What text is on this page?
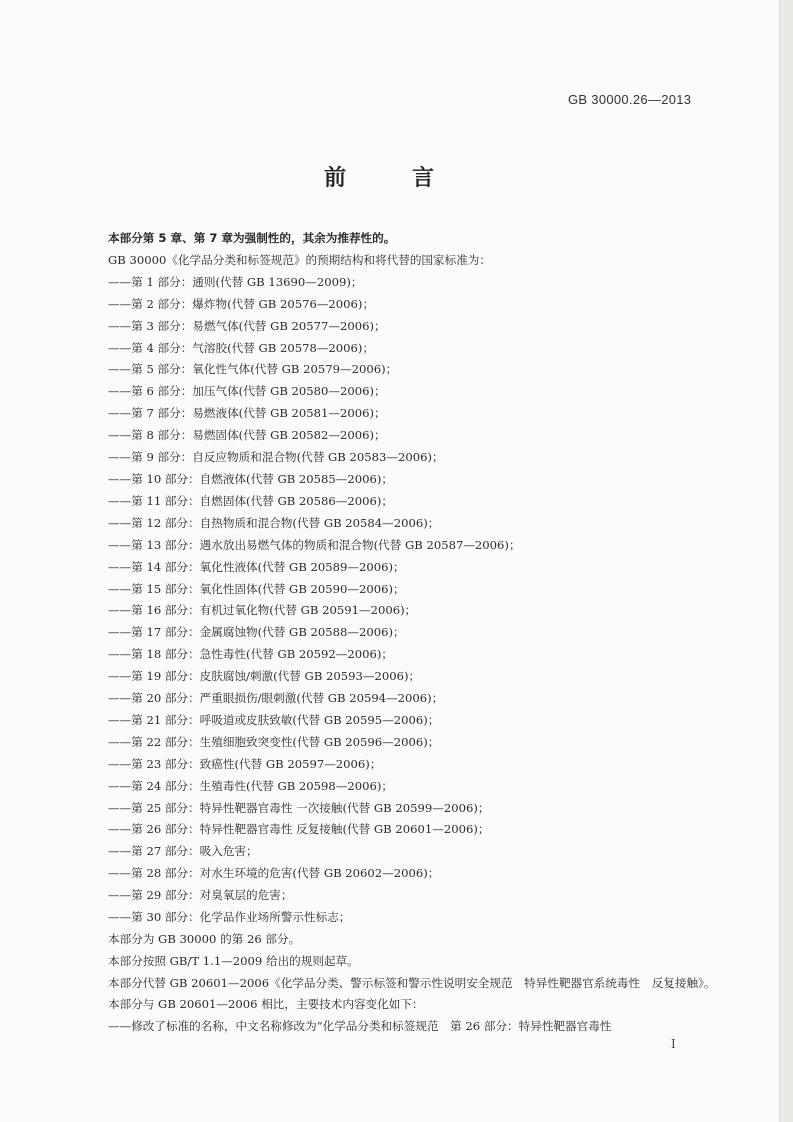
GB 30000.26—2013
前　言
本部分第 5 章、第 7 章为强制性的，其余为推荐性的。
GB 30000《化学品分类和标签规范》的预期结构和将代替的国家标准为：
——第 1 部分：通则(代替 GB 13690—2009)；
——第 2 部分：爆炸物(代替 GB 20576—2006)；
——第 3 部分：易燃气体(代替 GB 20577—2006)；
——第 4 部分：气溶胶(代替 GB 20578—2006)；
——第 5 部分：氧化性气体(代替 GB 20579—2006)；
——第 6 部分：加压气体(代替 GB 20580—2006)；
——第 7 部分：易燃液体(代替 GB 20581—2006)；
——第 8 部分：易燃固体(代替 GB 20582—2006)；
——第 9 部分：自反应物质和混合物(代替 GB 20583—2006)；
——第 10 部分：自燃液体(代替 GB 20585—2006)；
——第 11 部分：自燃固体(代替 GB 20586—2006)；
——第 12 部分：自热物质和混合物(代替 GB 20584—2006)；
——第 13 部分：遇水放出易燃气体的物质和混合物(代替 GB 20587—2006)；
——第 14 部分：氧化性液体(代替 GB 20589—2006)；
——第 15 部分：氧化性固体(代替 GB 20590—2006)；
——第 16 部分：有机过氧化物(代替 GB 20591—2006)；
——第 17 部分：金属腐蚀物(代替 GB 20588—2006)；
——第 18 部分：急性毒性(代替 GB 20592—2006)；
——第 19 部分：皮肤腐蚀/刺激(代替 GB 20593—2006)；
——第 20 部分：严重眼损伤/眼刺激(代替 GB 20594—2006)；
——第 21 部分：呼吸道或皮肤致敏(代替 GB 20595—2006)；
——第 22 部分：生殖细胞致突变性(代替 GB 20596—2006)；
——第 23 部分：致癌性(代替 GB 20597—2006)；
——第 24 部分：生殖毒性(代替 GB 20598—2006)；
——第 25 部分：特异性靶器官毒性 一次接触(代替 GB 20599—2006)；
——第 26 部分：特异性靶器官毒性 反复接触(代替 GB 20601—2006)；
——第 27 部分：吸入危害；
——第 28 部分：对水生环境的危害(代替 GB 20602—2006)；
——第 29 部分：对臭氧层的危害；
——第 30 部分：化学品作业场所警示性标志；
本部分为 GB 30000 的第 26 部分。
本部分按照 GB/T 1.1—2009 给出的规则起草。
本部分代替 GB 20601—2006《化学品分类、警示标签和警示性说明安全规范　特异性靶器官系统毒性　反复接触》。
本部分与 GB 20601—2006 相比，主要技术内容变化如下：
——修改了标准的名称，中文名称修改为“化学品分类和标签规范　第 26 部分：特异性靶器官毒性
I
